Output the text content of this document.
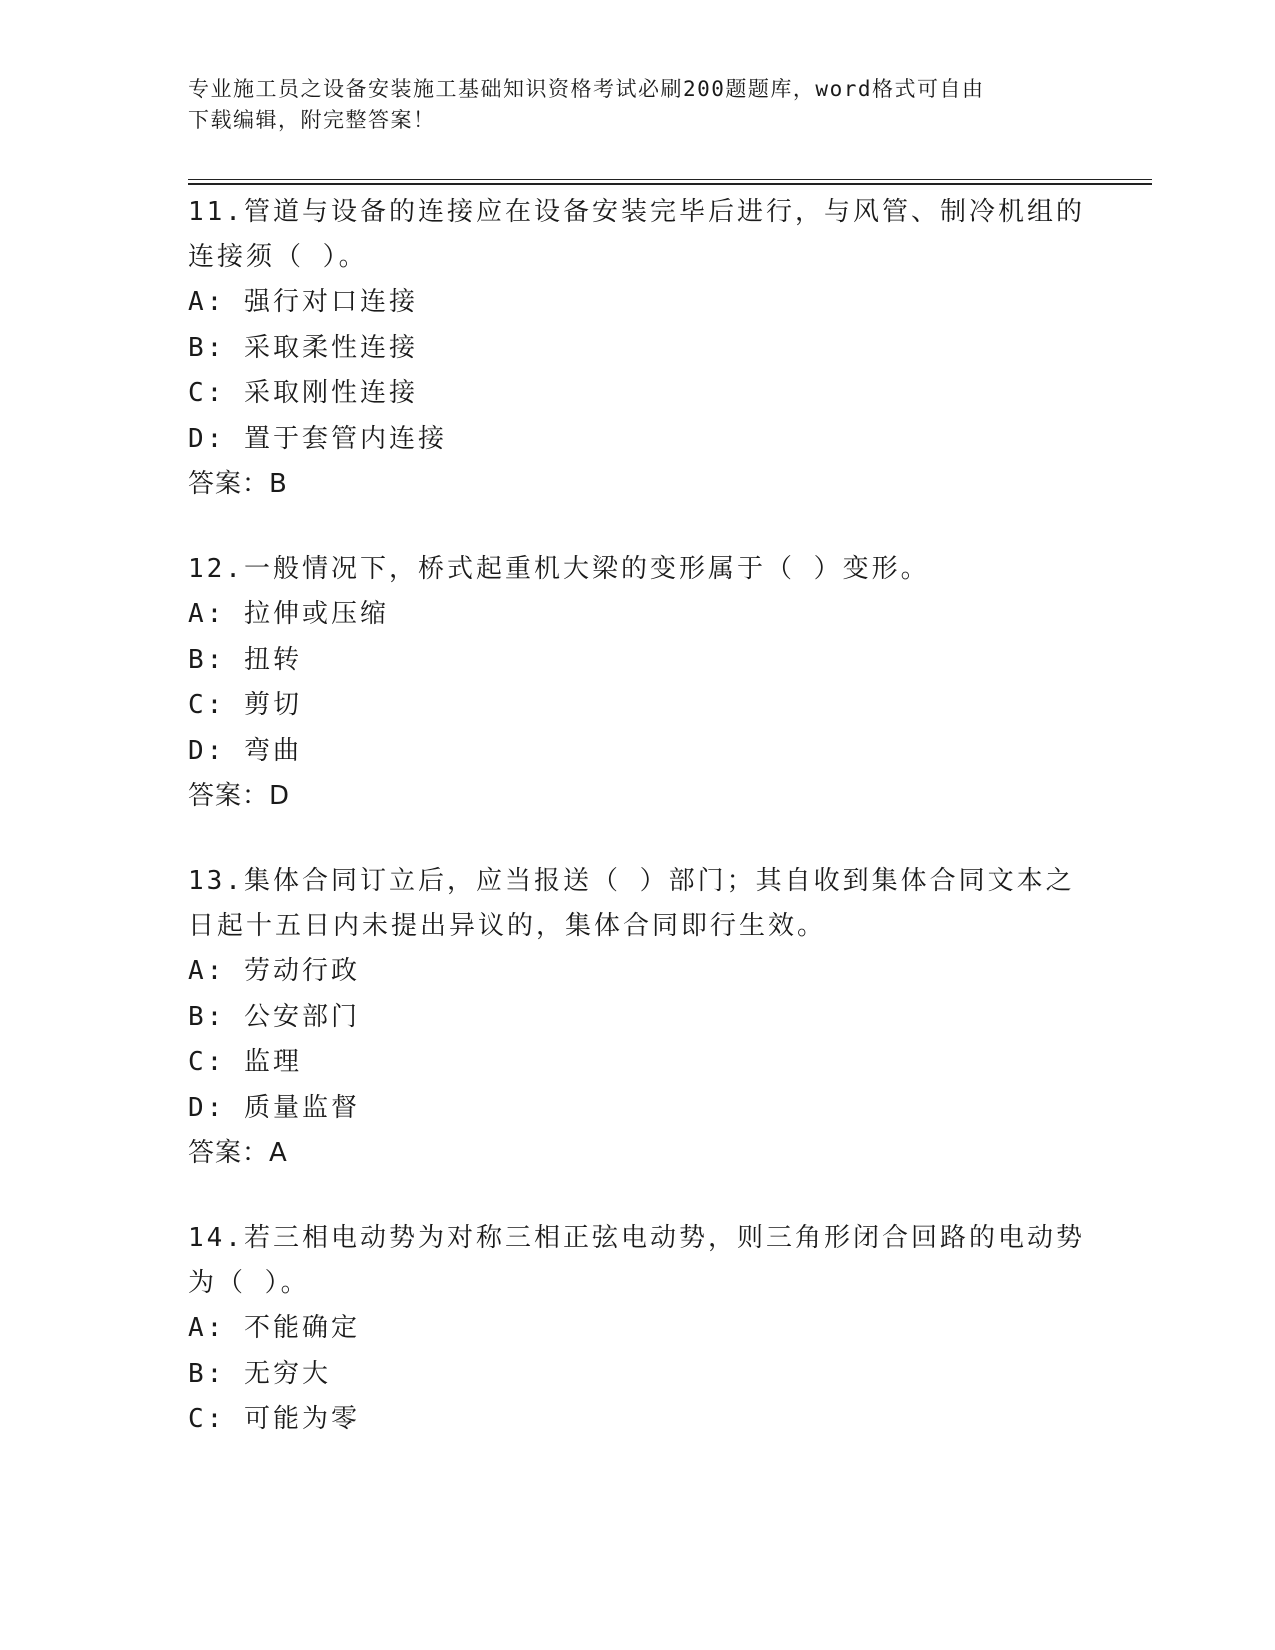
专业施工员之设备安装施工基础知识资格考试必刷200题题库，word格式可自由
下载编辑，附完整答案！
11.管道与设备的连接应在设备安装完毕后进行，与风管、制冷机组的连接须（ ）。
A: 强行对口连接
B: 采取柔性连接
C: 采取刚性连接
D: 置于套管内连接
答案：B
12.一般情况下，桥式起重机大梁的变形属于（ ）变形。
A: 拉伸或压缩
B: 扭转
C: 剪切
D: 弯曲
答案：D
13.集体合同订立后，应当报送（ ）部门；其自收到集体合同文本之日起十五日内未提出异议的，集体合同即行生效。
A: 劳动行政
B: 公安部门
C: 监理
D: 质量监督
答案：A
14.若三相电动势为对称三相正弦电动势，则三角形闭合回路的电动势为（ ）。
A: 不能确定
B: 无穷大
C: 可能为零
